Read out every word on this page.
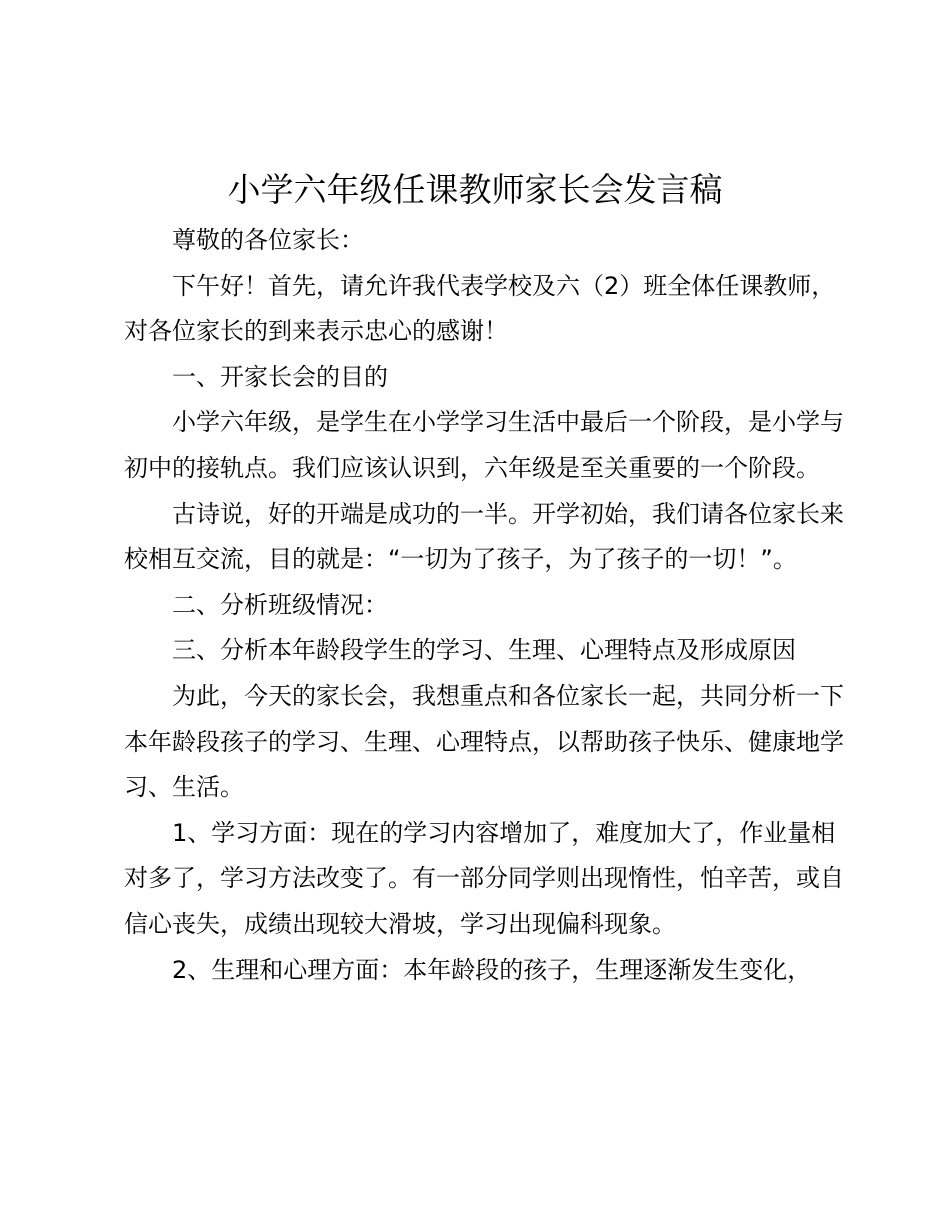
小学六年级任课教师家长会发言稿

尊敬的各位家长：

下午好！首先，请允许我代表学校及六（2）班全体任课教师，对各位家长的到来表示忠心的感谢！

一、开家长会的目的

小学六年级，是学生在小学学习生活中最后一个阶段，是小学与初中的接轨点。我们应该认识到，六年级是至关重要的一个阶段。

古诗说，好的开端是成功的一半。开学初始，我们请各位家长来校相互交流，目的就是：“一切为了孩子，为了孩子的一切！”。

二、分析班级情况：

三、分析本年龄段学生的学习、生理、心理特点及形成原因

为此，今天的家长会，我想重点和各位家长一起，共同分析一下本年龄段孩子的学习、生理、心理特点，以帮助孩子快乐、健康地学习、生活。

1、学习方面：现在的学习内容增加了，难度加大了，作业量相对多了，学习方法改变了。有一部分同学则出现惰性，怕辛苦，或自信心丧失，成绩出现较大滑坡，学习出现偏科现象。

2、生理和心理方面：本年龄段的孩子，生理逐渐发生变化，
